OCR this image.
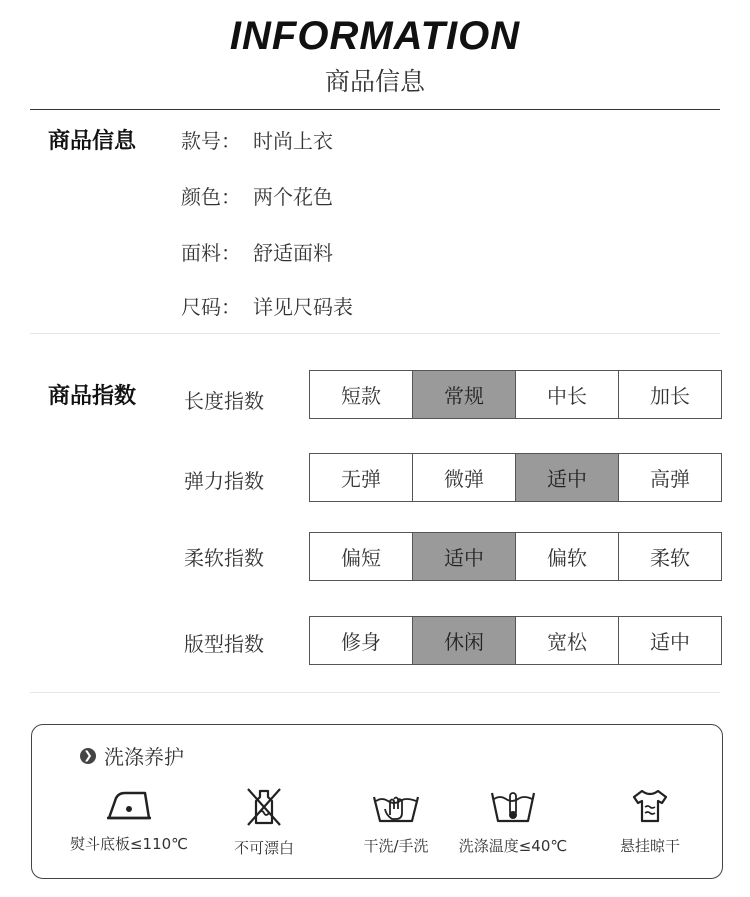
INFORMATION
商品信息
商品信息 款号： 时尚上衣
颜色： 两个花色
面料： 舒适面料
尺码： 详见尺码表
商品指数 长度指数	短款	常规	中长	加长
弹力指数	无弹	微弹	适中	高弹
柔软指数	偏短	适中	偏软	柔软
版型指数	修身	休闲	宽松	适中
❯ 洗涤养护
熨斗底板≤110℃	不可漂白	干洗/手洗	洗涤温度≤40℃	悬挂晾干
